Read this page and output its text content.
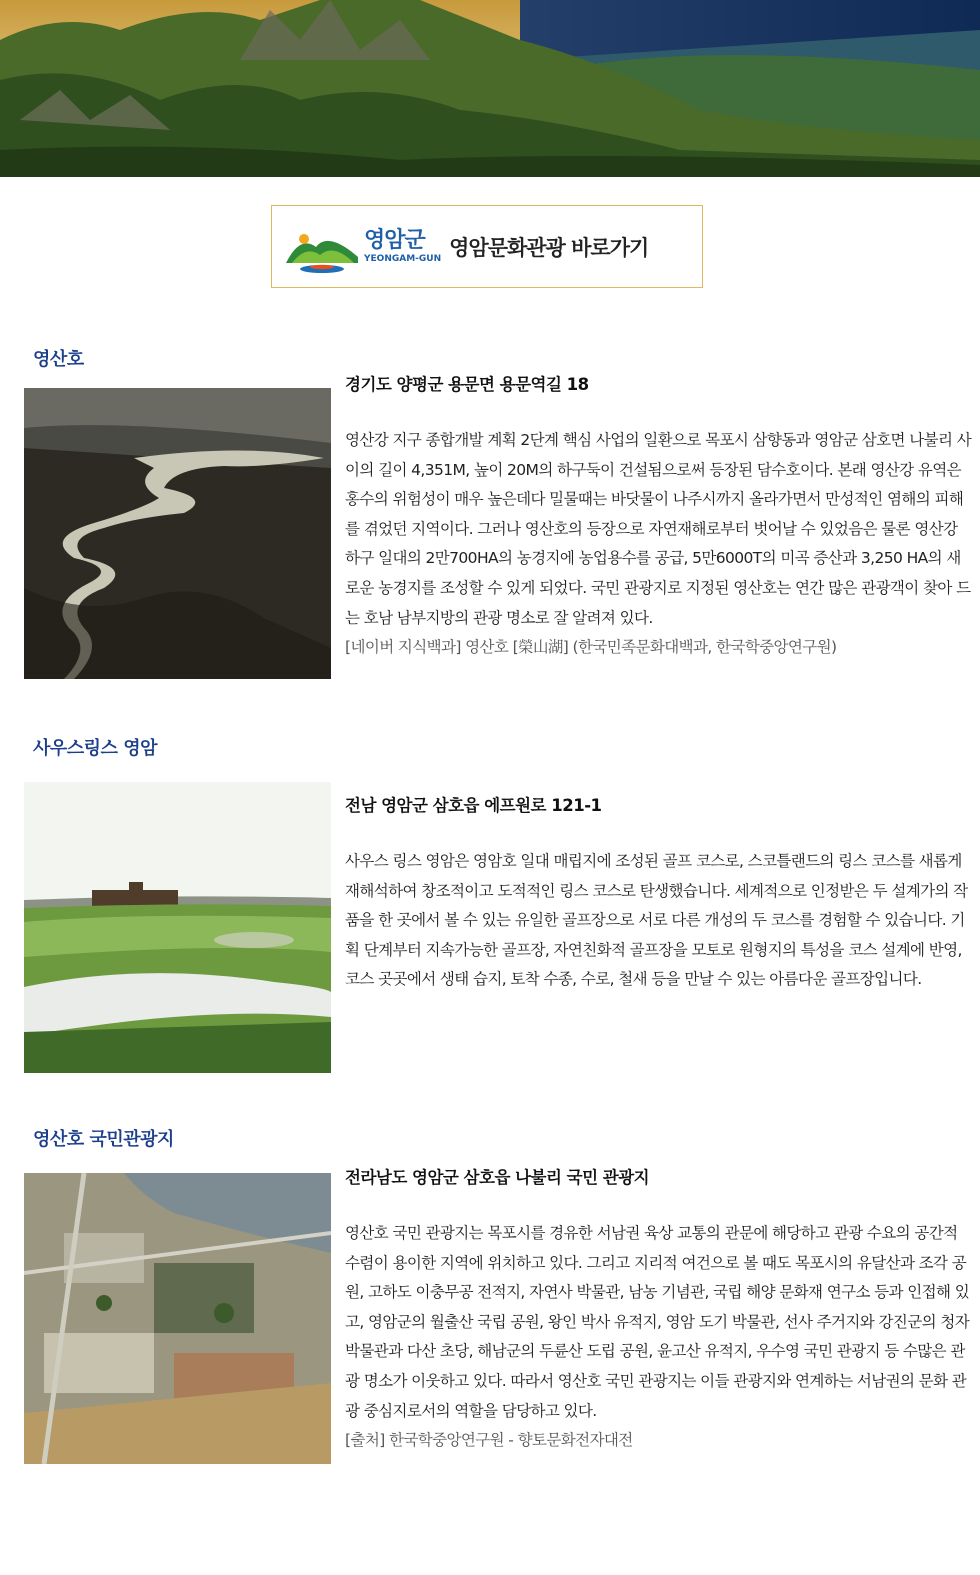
영암군
YEONGAM-GUN 영암문화관광 바로가기
영산호
경기도 양평군 용문면 용문역길 18
영산강 지구 종합개발 계획 2단계 핵심 사업의 일환으로 목포시 삼향동과 영암군 삼호면 나불리 사이의 길이 4,351M, 높이 20M의 하구둑이 건설됨으로써 등장된 담수호이다. 본래 영산강 유역은 홍수의 위험성이 매우 높은데다 밀물때는 바닷물이 나주시까지 올라가면서 만성적인 염해의 피해를 겪었던 지역이다. 그러나 영산호의 등장으로 자연재해로부터 벗어날 수 있었음은 물론 영산강 하구 일대의 2만700HA의 농경지에 농업용수를 공급, 5만6000T의 미곡 증산과 3,250 HA의 새로운 농경지를 조성할 수 있게 되었다. 국민 관광지로 지정된 영산호는 연간 많은 관광객이 찾아 드는 호남 남부지방의 관광 명소로 잘 알려져 있다.
[네이버 지식백과] 영산호 [榮山湖] (한국민족문화대백과, 한국학중앙연구원)
사우스링스 영암
전남 영암군 삼호읍 에프원로 121-1
사우스 링스 영암은 영암호 일대 매립지에 조성된 골프 코스로, 스코틀랜드의 링스 코스를 새롭게 재해석하여 창조적이고 도적적인 링스 코스로 탄생했습니다. 세계적으로 인정받은 두 설계가의 작품을 한 곳에서 볼 수 있는 유일한 골프장으로 서로 다른 개성의 두 코스를 경험할 수 있습니다. 기획 단계부터 지속가능한 골프장, 자연친화적 골프장을 모토로 원형지의 특성을 코스 설계에 반영, 코스 곳곳에서 생태 습지, 토착 수종, 수로, 철새 등을 만날 수 있는 아름다운 골프장입니다.
영산호 국민관광지
전라남도 영암군 삼호읍 나불리 국민 관광지
영산호 국민 관광지는 목포시를 경유한 서남권 육상 교통의 관문에 해당하고 관광 수요의 공간적 수렴이 용이한 지역에 위치하고 있다. 그리고 지리적 여건으로 볼 때도 목포시의 유달산과 조각 공원, 고하도 이충무공 전적지, 자연사 박물관, 남농 기념관, 국립 해양 문화재 연구소 등과 인접해 있고, 영암군의 월출산 국립 공원, 왕인 박사 유적지, 영암 도기 박물관, 선사 주거지와 강진군의 청자 박물관과 다산 초당, 해남군의 두륜산 도립 공원, 윤고산 유적지, 우수영 국민 관광지 등 수많은 관광 명소가 이웃하고 있다. 따라서 영산호 국민 관광지는 이들 관광지와 연계하는 서남권의 문화 관광 중심지로서의 역할을 담당하고 있다.
[출처] 한국학중앙연구원 - 향토문화전자대전
